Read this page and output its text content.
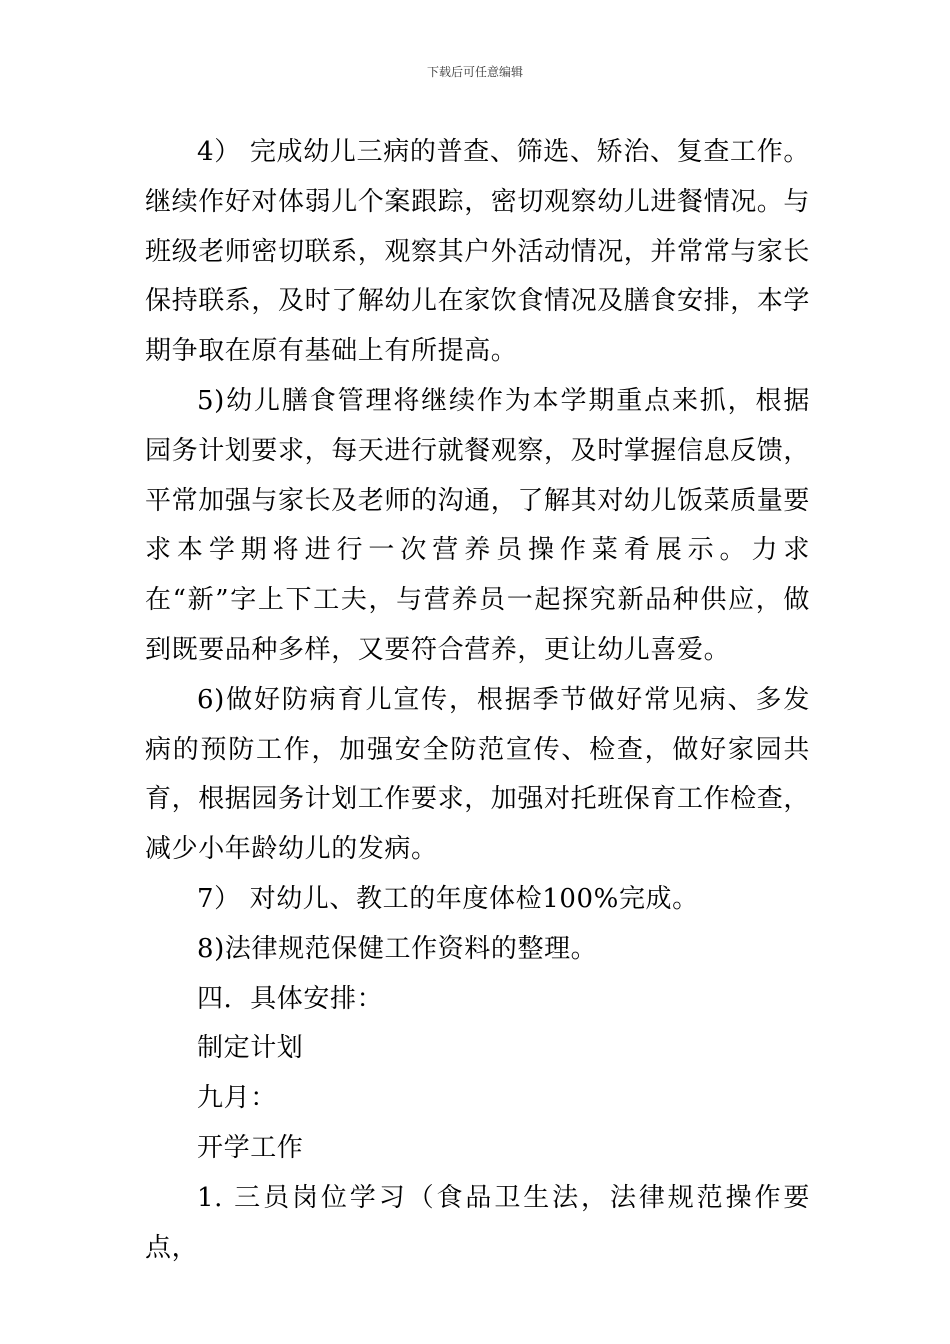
下载后可任意编辑

4） 完成幼儿三病的普查、筛选、矫治、复查工作。继续作好对体弱儿个案跟踪，密切观察幼儿进餐情况。与班级老师密切联系，观察其户外活动情况，并常常与家长保持联系，及时了解幼儿在家饮食情况及膳食安排，本学期争取在原有基础上有所提高。

5)幼儿膳食管理将继续作为本学期重点来抓，根据园务计划要求，每天进行就餐观察，及时掌握信息反馈，平常加强与家长及老师的沟通，了解其对幼儿饭菜质量要求本学期将进行一次营养员操作菜肴展示。力求在“新”字上下工夫，与营养员一起探究新品种供应，做到既要品种多样，又要符合营养，更让幼儿喜爱。

6)做好防病育儿宣传，根据季节做好常见病、多发病的预防工作，加强安全防范宣传、检查，做好家园共育，根据园务计划工作要求，加强对托班保育工作检查，减少小年龄幼儿的发病。

7） 对幼儿、教工的年度体检100%完成。

8)法律规范保健工作资料的整理。

四．具体安排：

制定计划

九月：

开学工作

1. 三员岗位学习（食品卫生法，法律规范操作要点，
